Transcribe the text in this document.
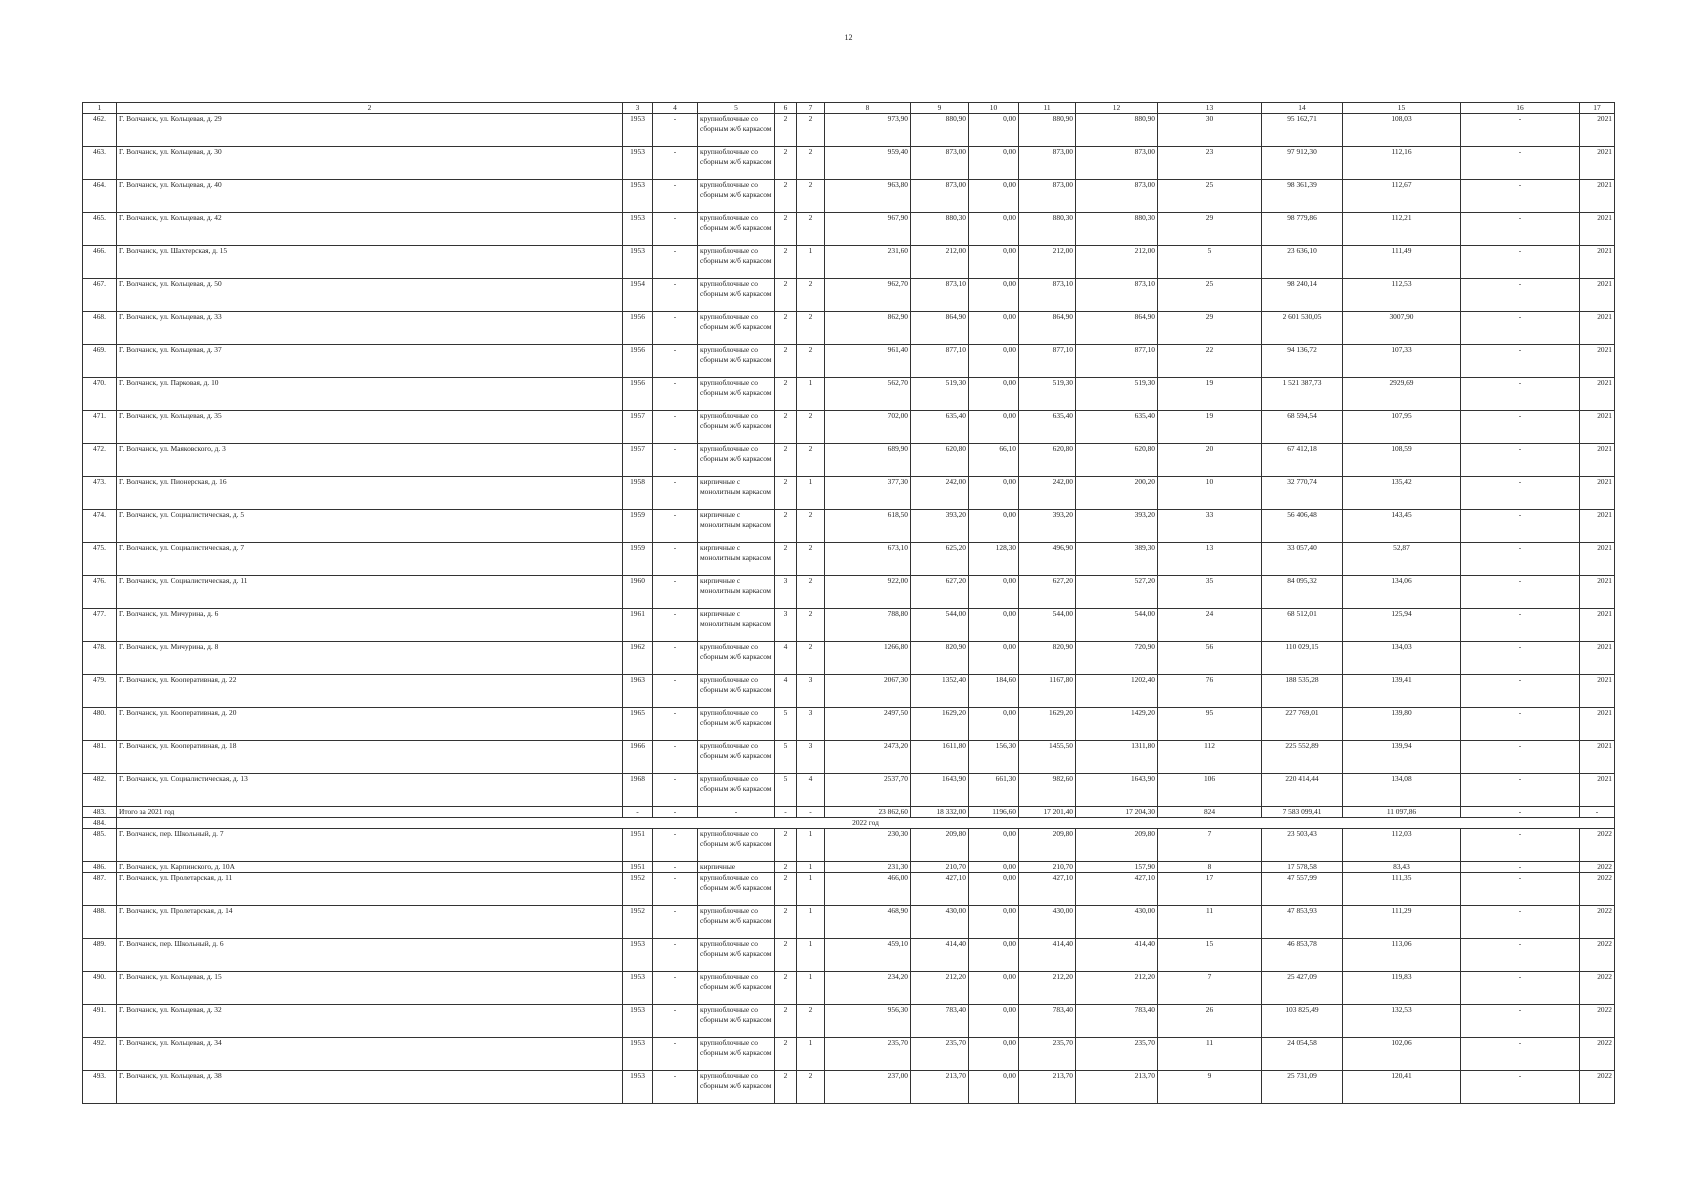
12
1	2	3	4	5	6	7	8	9	10	11	12	13	14	15	16	17
462.	Г. Волчанск, ул. Кольцевая, д. 29	1953	-	крупноблочные со сборным ж/б каркасом	2	2	973,90	880,90	0,00	880,90	880,90	30	95 162,71	108,03	-	2021
463.	Г. Волчанск, ул. Кольцевая, д. 30	1953	-	крупноблочные со сборным ж/б каркасом	2	2	959,40	873,00	0,00	873,00	873,00	23	97 912,30	112,16	-	2021
464.	Г. Волчанск, ул. Кольцевая, д. 40	1953	-	крупноблочные со сборным ж/б каркасом	2	2	963,80	873,00	0,00	873,00	873,00	25	98 361,39	112,67	-	2021
465.	Г. Волчанск, ул. Кольцевая, д. 42	1953	-	крупноблочные со сборным ж/б каркасом	2	2	967,90	880,30	0,00	880,30	880,30	29	98 779,86	112,21	-	2021
466.	Г. Волчанск, ул. Шахтерская, д. 15	1953	-	крупноблочные со сборным ж/б каркасом	2	1	231,60	212,00	0,00	212,00	212,00	5	23 636,10	111,49	-	2021
467.	Г. Волчанск, ул. Кольцевая, д. 50	1954	-	крупноблочные со сборным ж/б каркасом	2	2	962,70	873,10	0,00	873,10	873,10	25	98 240,14	112,53	-	2021
468.	Г. Волчанск, ул. Кольцевая, д. 33	1956	-	крупноблочные со сборным ж/б каркасом	2	2	862,90	864,90	0,00	864,90	864,90	29	2 601 530,05	3007,90	-	2021
469.	Г. Волчанск, ул. Кольцевая, д. 37	1956	-	крупноблочные со сборным ж/б каркасом	2	2	961,40	877,10	0,00	877,10	877,10	22	94 136,72	107,33	-	2021
470.	Г. Волчанск, ул. Парковая, д. 10	1956	-	крупноблочные со сборным ж/б каркасом	2	1	562,70	519,30	0,00	519,30	519,30	19	1 521 387,73	2929,69	-	2021
471.	Г. Волчанск, ул. Кольцевая, д. 35	1957	-	крупноблочные со сборным ж/б каркасом	2	2	702,00	635,40	0,00	635,40	635,40	19	68 594,54	107,95	-	2021
472.	Г. Волчанск, ул. Маяковского, д. 3	1957	-	крупноблочные со сборным ж/б каркасом	2	2	689,90	620,80	66,10	620,80	620,80	20	67 412,18	108,59	-	2021
473.	Г. Волчанск, ул. Пионерская, д. 16	1958	-	кирпичные с монолитным каркасом	2	1	377,30	242,00	0,00	242,00	200,20	10	32 770,74	135,42	-	2021
474.	Г. Волчанск, ул. Социалистическая, д. 5	1959	-	кирпичные с монолитным каркасом	2	2	618,50	393,20	0,00	393,20	393,20	33	56 406,48	143,45	-	2021
475.	Г. Волчанск, ул. Социалистическая, д. 7	1959	-	кирпичные с монолитным каркасом	2	2	673,10	625,20	128,30	496,90	389,30	13	33 057,40	52,87	-	2021
476.	Г. Волчанск, ул. Социалистическая, д. 11	1960	-	кирпичные с монолитным каркасом	3	2	922,00	627,20	0,00	627,20	527,20	35	84 095,32	134,06	-	2021
477.	Г. Волчанск, ул. Мичурина, д. 6	1961	-	кирпичные с монолитным каркасом	3	2	788,80	544,00	0,00	544,00	544,00	24	68 512,01	125,94	-	2021
478.	Г. Волчанск, ул. Мичурина, д. 8	1962	-	крупноблочные со сборным ж/б каркасом	4	2	1266,80	820,90	0,00	820,90	720,90	56	110 029,15	134,03	-	2021
479.	Г. Волчанск, ул. Кооперативная, д. 22	1963	-	крупноблочные со сборным ж/б каркасом	4	3	2067,30	1352,40	184,60	1167,80	1202,40	76	188 535,28	139,41	-	2021
480.	Г. Волчанск, ул. Кооперативная, д. 20	1965	-	крупноблочные со сборным ж/б каркасом	5	3	2497,50	1629,20	0,00	1629,20	1429,20	95	227 769,01	139,80	-	2021
481.	Г. Волчанск, ул. Кооперативная, д. 18	1966	-	крупноблочные со сборным ж/б каркасом	5	3	2473,20	1611,80	156,30	1455,50	1311,80	112	225 552,89	139,94	-	2021
482.	Г. Волчанск, ул. Социалистическая, д. 13	1968	-	крупноблочные со сборным ж/б каркасом	5	4	2537,70	1643,90	661,30	982,60	1643,90	106	220 414,44	134,08	-	2021
483.	Итого за 2021 год	-	-	-	-	-	23 862,60	18 332,00	1196,60	17 201,40	17 204,30	824	7 583 099,41	11 097,86	-	-
484.	2022 год															
485.	Г. Волчанск, пер. Школьный, д. 7	1951	-	крупноблочные со сборным ж/б каркасом	2	1	230,30	209,80	0,00	209,80	209,80	7	23 503,43	112,03	-	2022
486.	Г. Волчанск, ул. Карпинского, д. 10А	1951	-	кирпичные	2	1	231,30	210,70	0,00	210,70	157,90	8	17 578,58	83,43	-	2022
487.	Г. Волчанск, ул. Пролетарская, д. 11	1952	-	крупноблочные со сборным ж/б каркасом	2	1	466,00	427,10	0,00	427,10	427,10	17	47 557,99	111,35	-	2022
488.	Г. Волчанск, ул. Пролетарская, д. 14	1952	-	крупноблочные со сборным ж/б каркасом	2	1	468,90	430,00	0,00	430,00	430,00	11	47 853,93	111,29	-	2022
489.	Г. Волчанск, пер. Школьный, д. 6	1953	-	крупноблочные со сборным ж/б каркасом	2	1	459,10	414,40	0,00	414,40	414,40	15	46 853,78	113,06	-	2022
490.	Г. Волчанск, ул. Кольцевая, д. 15	1953	-	крупноблочные со сборным ж/б каркасом	2	1	234,20	212,20	0,00	212,20	212,20	7	25 427,09	119,83	-	2022
491.	Г. Волчанск, ул. Кольцевая, д. 32	1953	-	крупноблочные со сборным ж/б каркасом	2	2	956,30	783,40	0,00	783,40	783,40	26	103 825,49	132,53	-	2022
492.	Г. Волчанск, ул. Кольцевая, д. 34	1953	-	крупноблочные со сборным ж/б каркасом	2	1	235,70	235,70	0,00	235,70	235,70	11	24 054,58	102,06	-	2022
493.	Г. Волчанск, ул. Кольцевая, д. 38	1953	-	крупноблочные со сборным ж/б каркасом	2	2	237,00	213,70	0,00	213,70	213,70	9	25 731,09	120,41	-	2022
